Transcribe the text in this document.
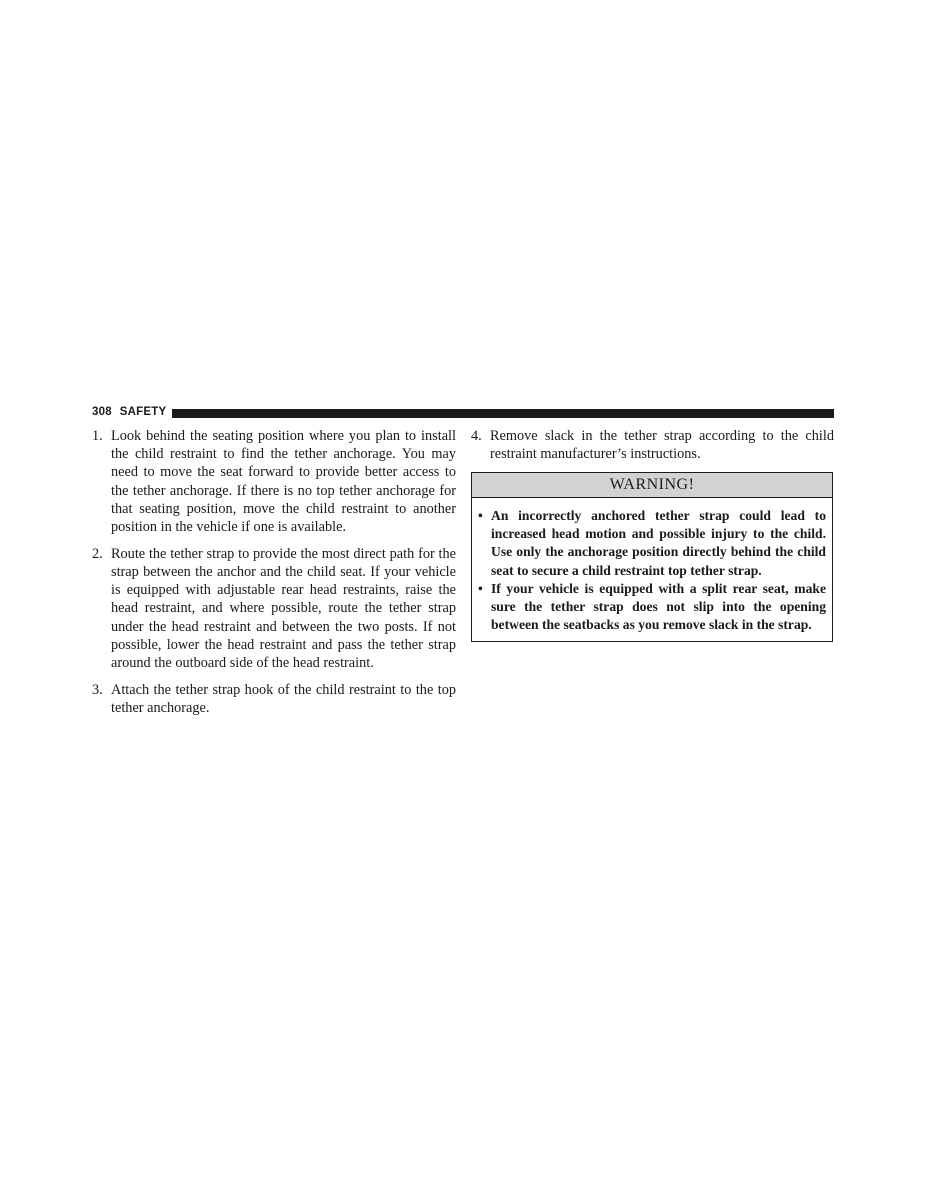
308 SAFETY
1. Look behind the seating position where you plan to install the child restraint to find the tether anchorage. You may need to move the seat forward to provide better access to the tether anchorage. If there is no top tether anchorage for that seating position, move the child restraint to another position in the vehicle if one is available.
2. Route the tether strap to provide the most direct path for the strap between the anchor and the child seat. If your vehicle is equipped with adjustable rear head restraints, raise the head restraint, and where possible, route the tether strap under the head restraint and between the two posts. If not possible, lower the head restraint and pass the tether strap around the outboard side of the head restraint.
3. Attach the tether strap hook of the child restraint to the top tether anchorage.
4. Remove slack in the tether strap according to the child restraint manufacturer’s instructions.
WARNING!
• An incorrectly anchored tether strap could lead to increased head motion and possible injury to the child. Use only the anchorage position directly behind the child seat to secure a child restraint top tether strap.
• If your vehicle is equipped with a split rear seat, make sure the tether strap does not slip into the opening between the seatbacks as you remove slack in the strap.
